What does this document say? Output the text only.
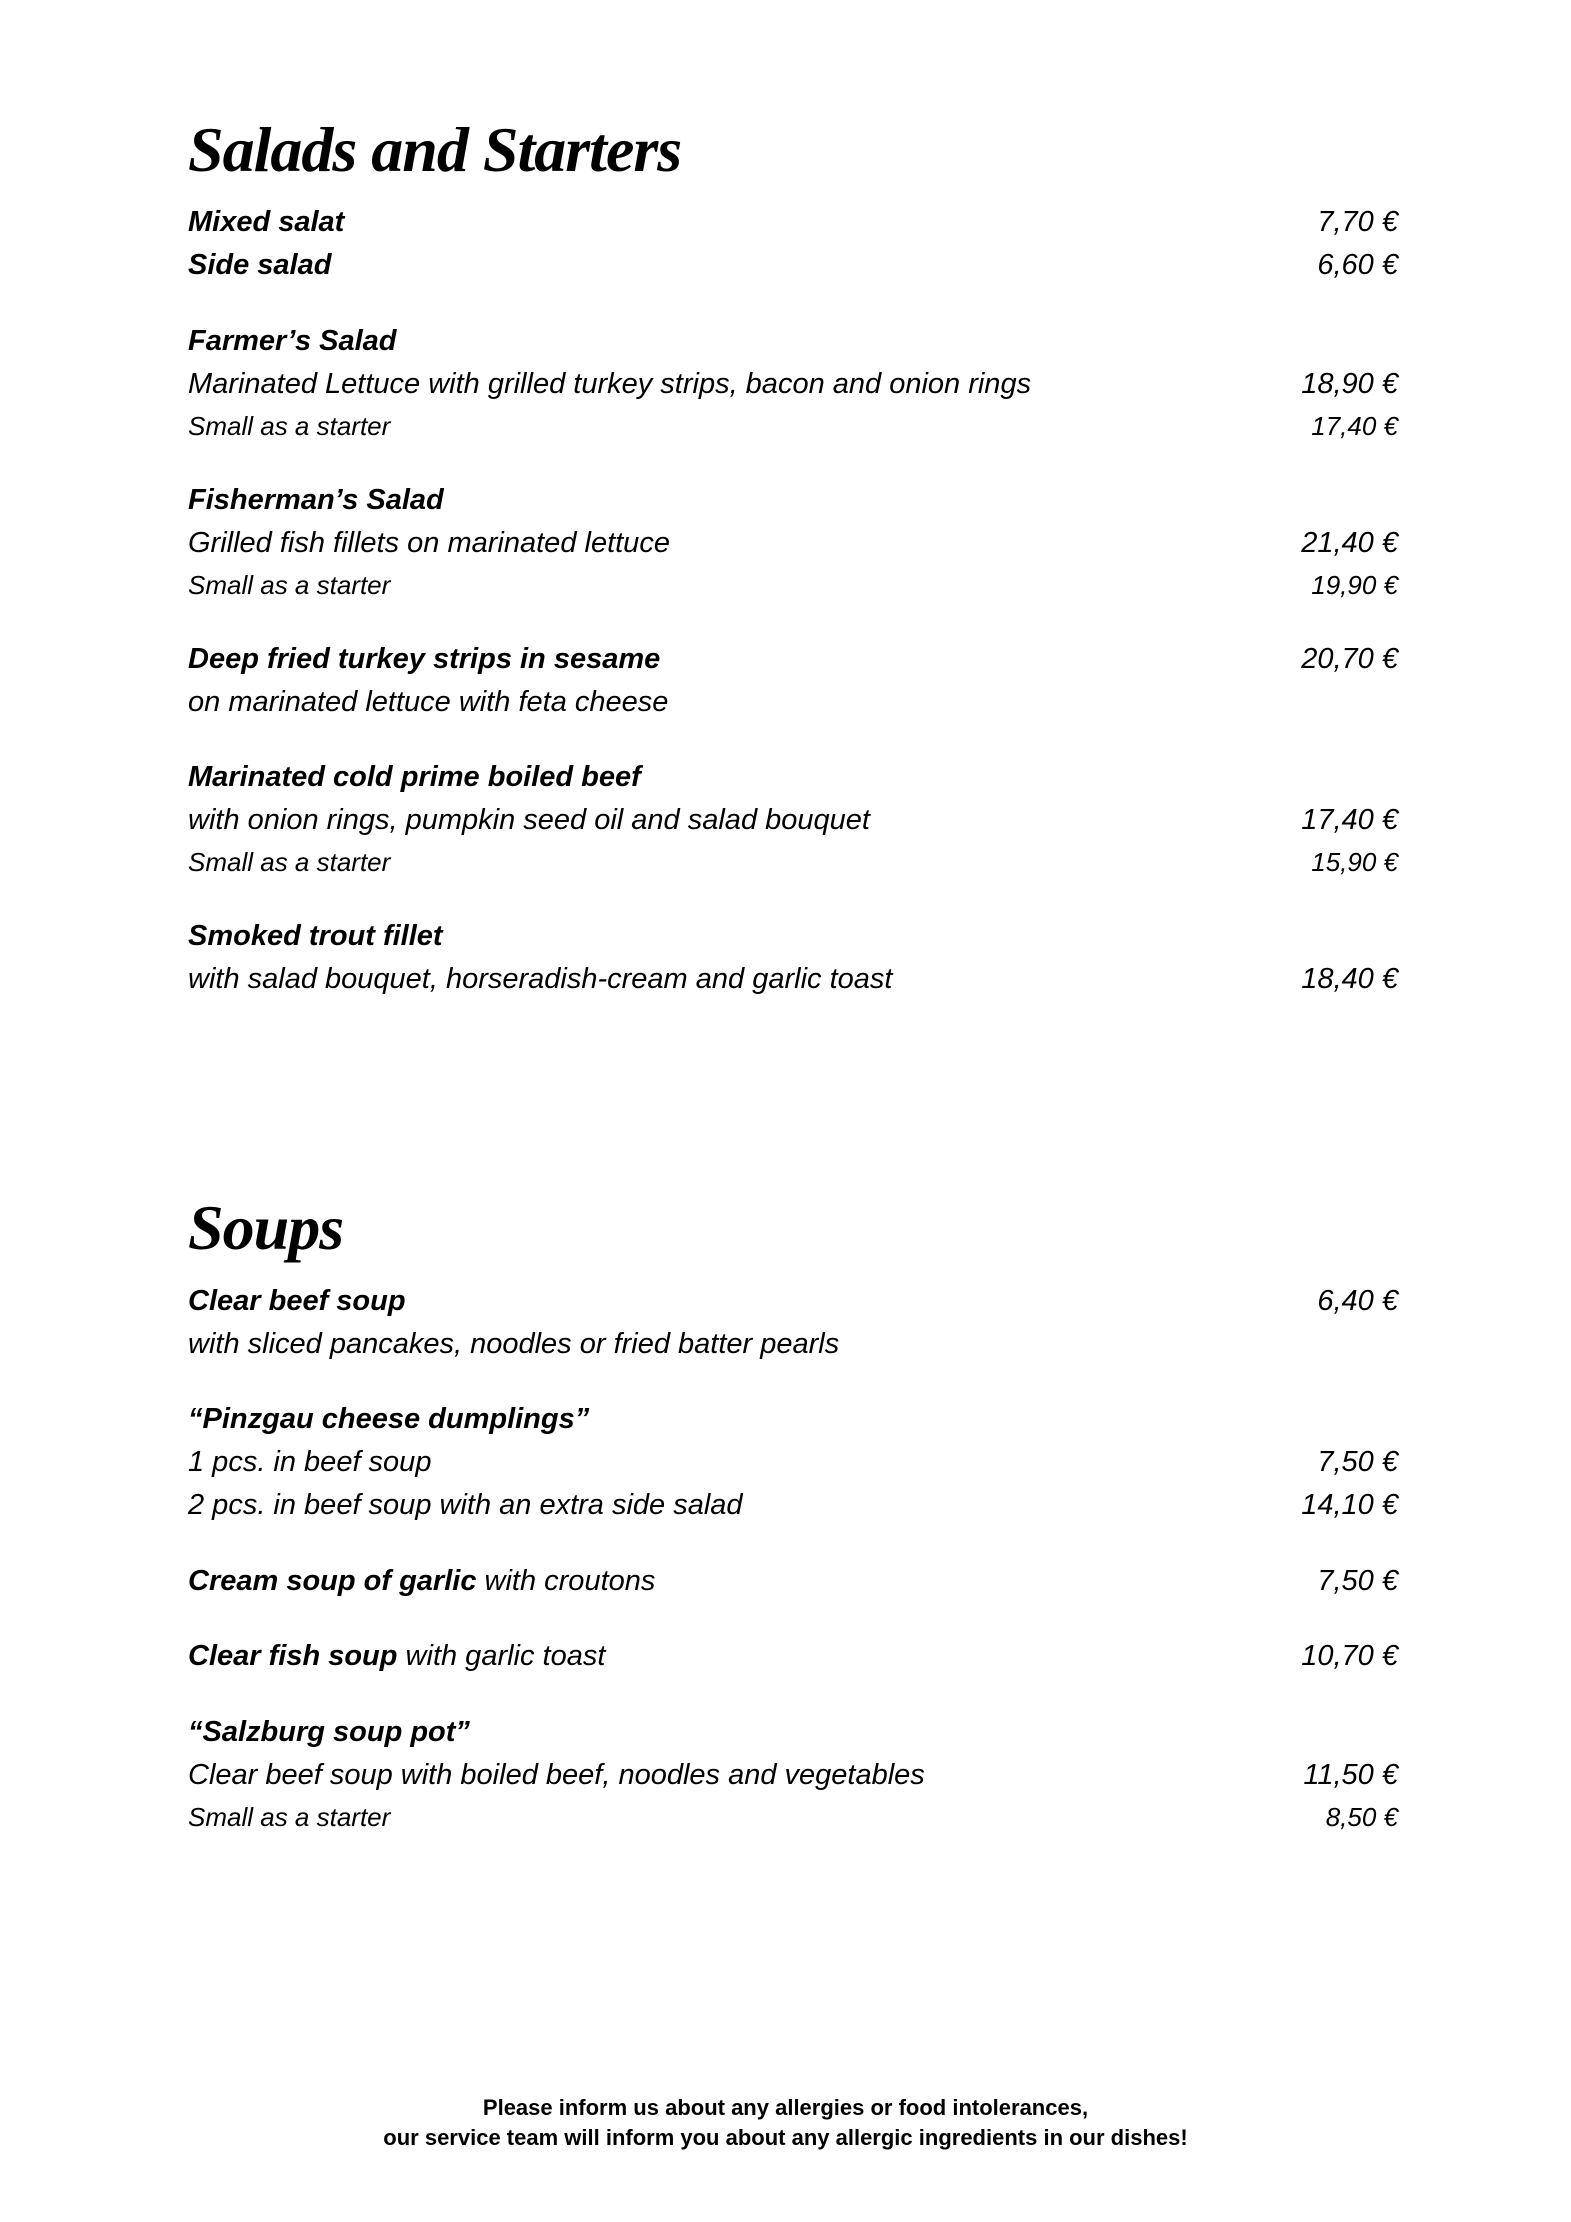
Salads and Starters
Mixed salat	7,70 €
Side salad	6,60 €
Farmer’s Salad
Marinated Lettuce with grilled turkey strips, bacon and onion rings	18,90 €
Small as a starter	17,40 €
Fisherman’s Salad
Grilled fish fillets on marinated lettuce	21,40 €
Small as a starter	19,90 €
Deep fried turkey strips in sesame	20,70 €
on marinated lettuce with feta cheese
Marinated cold prime boiled beef
with onion rings, pumpkin seed oil and salad bouquet	17,40 €
Small as a starter	15,90 €
Smoked trout fillet
with salad bouquet, horseradish-cream and garlic toast	18,40 €
Soups
Clear beef soup	6,40 €
with sliced pancakes, noodles or fried batter pearls
“Pinzgau cheese dumplings”
1 pcs. in beef soup	7,50 €
2 pcs. in beef soup with an extra side salad	14,10 €
Cream soup of garlic with croutons	7,50 €
Clear fish soup with garlic toast	10,70 €
“Salzburg soup pot”
Clear beef soup with boiled beef, noodles and vegetables	11,50 €
Small as a starter	8,50 €
Please inform us about any allergies or food intolerances,
our service team will inform you about any allergic ingredients in our dishes!
